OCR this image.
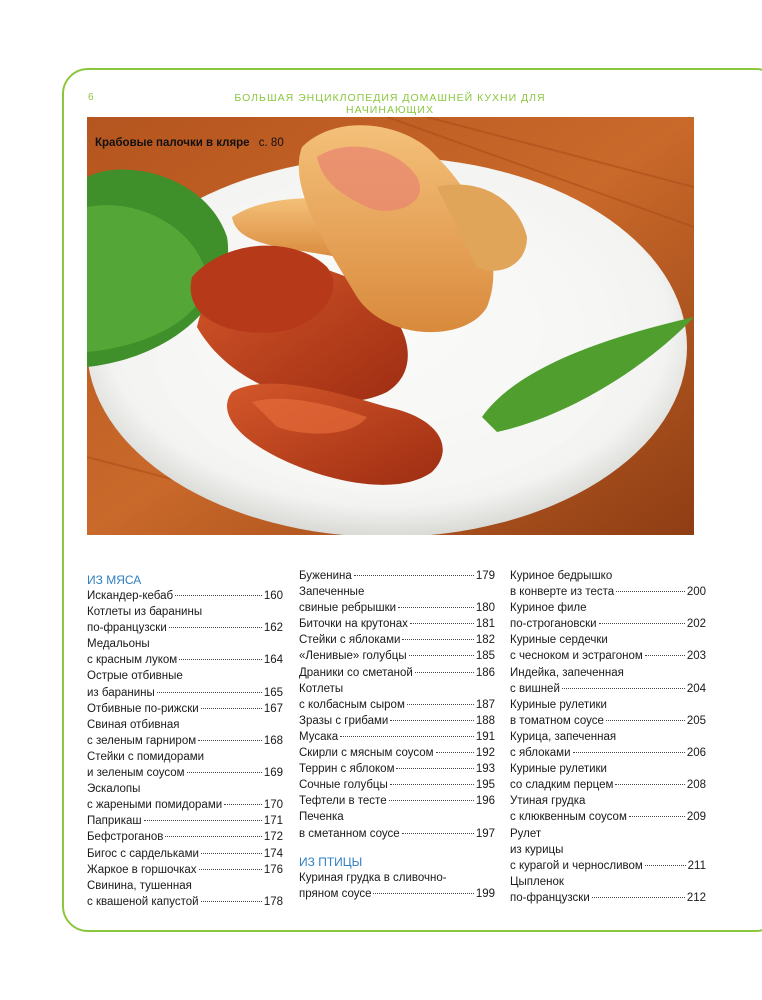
6	БОЛЬШАЯ ЭНЦИКЛОПЕДИЯ ДОМАШНЕЙ КУХНИ ДЛЯ НАЧИНАЮЩИХ
Крабовые палочки в кляре с. 80
ИЗ МЯСА
Искандер-кебаб	160
Котлеты из баранины
по-французски	162
Медальоны
с красным луком	164
Острые отбивные
из баранины	165
Отбивные по-рижски	167
Свиная отбивная
с зеленым гарниром	168
Стейки с помидорами
и зеленым соусом	169
Эскалопы
с жареными помидорами	170
Паприкаш	171
Бефстроганов	172
Бигос с сардельками	174
Жаркое в горшочках	176
Свинина, тушенная
с квашеной капустой	178
Буженина	179
Запеченные
свиные ребрышки	180
Биточки на крутонах	181
Стейки с яблоками	182
«Ленивые» голубцы	185
Драники со сметаной	186
Котлеты
с колбасным сыром	187
Зразы с грибами	188
Мусака	191
Скирли с мясным соусом	192
Террин с яблоком	193
Сочные голубцы	195
Тефтели в тесте	196
Печенка
в сметанном соусе	197
ИЗ ПТИЦЫ
Куриная грудка в сливочно-
пряном соусе	199
Куриное бедрышко
в конверте из теста	200
Куриное филе
по-строгановски	202
Куриные сердечки
с чесноком и эстрагоном	203
Индейка, запеченная
с вишней	204
Куриные рулетики
в томатном соусе	205
Курица, запеченная
с яблоками	206
Куриные рулетики
со сладким перцем	208
Утиная грудка
с клюквенным соусом	209
Рулет
из курицы
с курагой и черносливом	211
Цыпленок
по-французски	212
